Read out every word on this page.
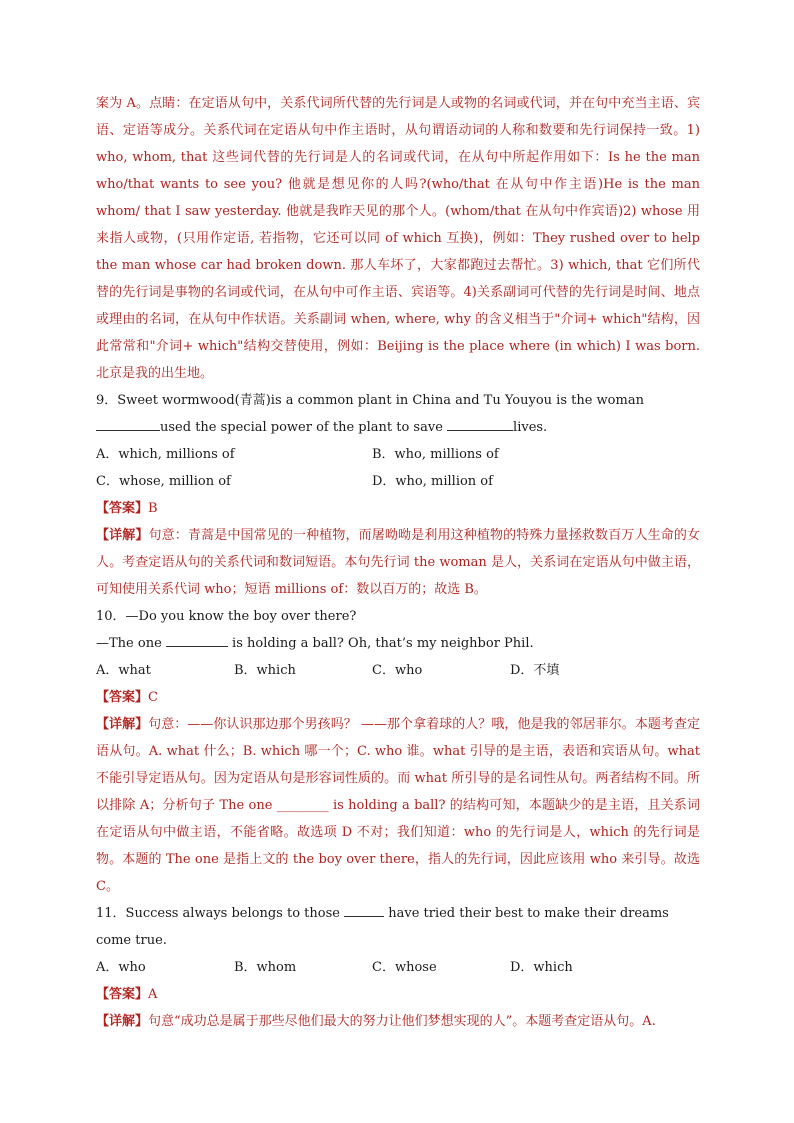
案为 A。点睛：在定语从句中，关系代词所代替的先行词是人或物的名词或代词，并在句中充当主语、宾语、定语等成分。关系代词在定语从句中作主语时，从句谓语动词的人称和数要和先行词保持一致。1) who, whom, that 这些词代替的先行词是人的名词或代词，在从句中所起作用如下：Is he the man who/that wants to see you? 他就是想见你的人吗?(who/that 在从句中作主语)He is the man whom/ that I saw yesterday. 他就是我昨天见的那个人。(whom/that 在从句中作宾语)2) whose 用来指人或物，(只用作定语, 若指物，它还可以同 of which 互换)，例如：They rushed over to help the man whose car had broken down. 那人车坏了，大家都跑过去帮忙。3) which, that 它们所代替的先行词是事物的名词或代词，在从句中可作主语、宾语等。4)关系副词可代替的先行词是时间、地点或理由的名词，在从句中作状语。关系副词 when, where, why 的含义相当于"介词+ which"结构，因此常常和"介词+ which"结构交替使用，例如：Beijing is the place where (in which) I was born. 北京是我的出生地。

9．Sweet wormwood(青蒿)is a common plant in China and Tu Youyou is the woman used the special power of the plant to save	lives.

A．which, millions of	B．who, millions of
C．whose, million of	D．who, million of

【答案】B

【详解】句意：青蒿是中国常见的一种植物，而屠呦呦是利用这种植物的特殊力量拯救数百万人生命的女人。考查定语从句的关系代词和数词短语。本句先行词 the woman 是人，关系词在定语从句中做主语，可知使用关系代词 who；短语 millions of：数以百万的；故选 B。

10．—Do you know the boy over there?

—The one	is holding a ball? Oh, that’s my neighbor Phil.

A．what	B．which	C．who	D．不填

【答案】C

【详解】句意：——你认识那边那个男孩吗？ ——那个拿着球的人？哦，他是我的邻居菲尔。本题考查定语从句。A. what 什么；B. which 哪一个；C. who 谁。what 引导的是主语，表语和宾语从句。what 不能引导定语从句。因为定语从句是形容词性质的。而 what 所引导的是名词性从句。两者结构不同。所以排除 A；分析句子 The one ________ is holding a ball? 的结构可知，本题缺少的是主语，且关系词在定语从句中做主语，不能省略。故选项 D 不对；我们知道：who 的先行词是人，which 的先行词是物。本题的 The one 是指上文的 the boy over there，指人的先行词，因此应该用 who 来引导。故选 C。

11．Success always belongs to those	have tried their best to make their dreams come true.

A．who	B．whom	C．whose	D．which

【答案】A

【详解】句意“成功总是属于那些尽他们最大的努力让他们梦想实现的人”。本题考查定语从句。A.
